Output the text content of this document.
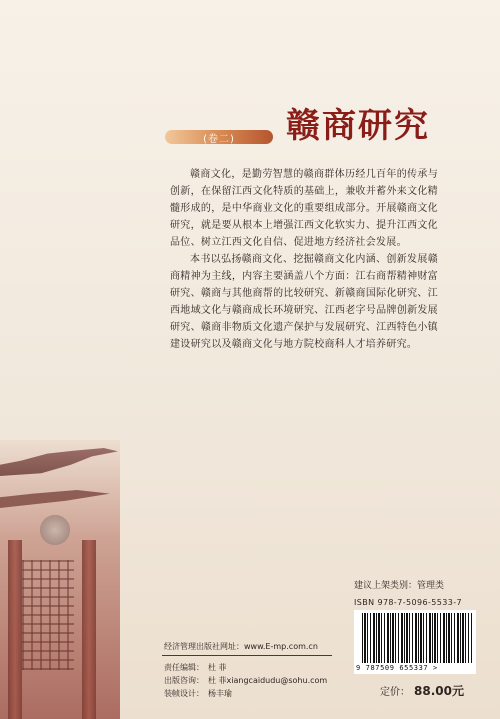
(卷二) 赣商研究

赣商文化，是勤劳智慧的赣商群体历经几百年的传承与创新，在保留江西文化特质的基础上，兼收并蓄外来文化精髓形成的，是中华商业文化的重要组成部分。开展赣商文化研究，就是要从根本上增强江西文化软实力、提升江西文化品位、树立江西文化自信、促进地方经济社会发展。

本书以弘扬赣商文化、挖掘赣商文化内涵、创新发展赣商精神为主线，内容主要涵盖八个方面：江右商帮精神财富研究、赣商与其他商帮的比较研究、新赣商国际化研究、江西地域文化与赣商成长环境研究、江西老字号品牌创新发展研究、赣商非物质文化遗产保护与发展研究、江西特色小镇建设研究以及赣商文化与地方院校商科人才培养研究。

建议上架类别：管理类
ISBN 978-7-5096-5533-7
9 787509 655337 >
定价： 88.00元
经济管理出版社网址：www.E-mp.com.cn
责任编辑： 杜 菲
出版咨询： 杜 菲xiangcaidudu@sohu.com
装帧设计： 杨丰瑜
